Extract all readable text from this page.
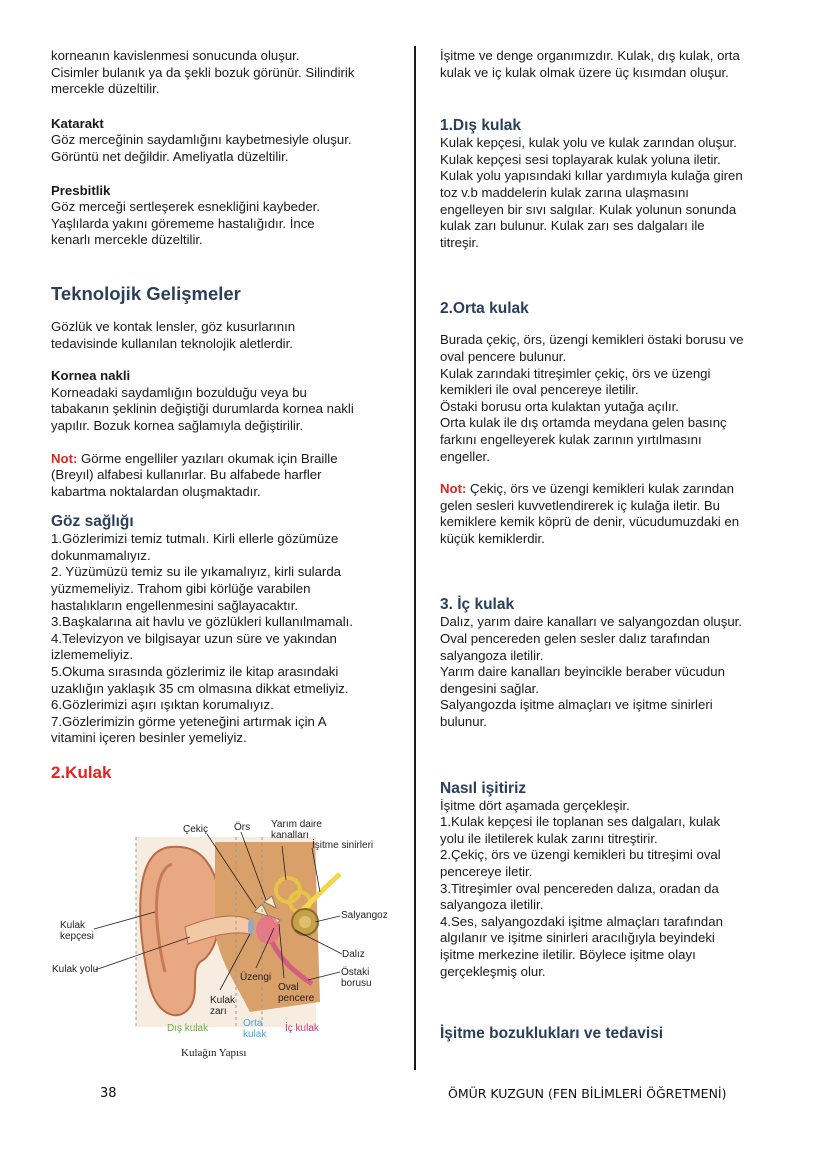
korneanın kavislenmesi sonucunda oluşur.

Cisimler bulanık ya da şekli bozuk görünür. Silindirik

mercekle düzeltilir.

Katarakt

Göz merceğinin saydamlığını kaybetmesiyle oluşur.

Görüntü net değildir. Ameliyatla düzeltilir.

Presbitlik

Göz merceği sertleşerek esnekliğini kaybeder.

Yaşlılarda yakını görememe hastalığıdır. İnce

kenarlı mercekle düzeltilir.

Teknolojik Gelişmeler

Gözlük ve kontak lensler, göz kusurlarının

tedavisinde kullanılan teknolojik aletlerdir.

Kornea nakli

Korneadaki saydamlığın bozulduğu veya bu

tabakanın şeklinin değiştiği durumlarda kornea nakli

yapılır. Bozuk kornea sağlamıyla değiştirilir.

Not: Görme engelliler yazıları okumak için Braille

(Breyıl) alfabesi kullanırlar. Bu alfabede harfler

kabartma noktalardan oluşmaktadır.

Göz sağlığı

1.Gözlerimizi temiz tutmalı. Kirli ellerle gözümüze

dokunmamalıyız.

2. Yüzümüzü temiz su ile yıkamalıyız, kirli sularda

yüzmemeliyiz. Trahom gibi körlüğe varabilen

hastalıkların engellenmesini sağlayacaktır.

3.Başkalarına ait havlu ve gözlükleri kullanılmamalı.

4.Televizyon ve bilgisayar uzun süre ve yakından

izlememeliyiz.

5.Okuma sırasında gözlerimiz ile kitap arasındaki

uzaklığın yaklaşık 35 cm olmasına dikkat etmeliyiz.

6.Gözlerimizi aşırı ışıktan korumalıyız.

7.Gözlerimizin görme yeteneğini artırmak için A

vitamini içeren besinler yemeliyiz.

2.Kulak

Çekiç	Örs Yarım daire kanalları
İşitme sinirleri
Salyangoz
Kulak kepçesi
Kulak yolu
Dalız
Östaki borusu
Üzengi
Oval pencere
Kulak zarı
Dış kulak	Orta kulak
İç kulak
Kulağın Yapısı

İşitme ve denge organımızdır. Kulak, dış kulak, orta

kulak ve iç kulak olmak üzere üç kısımdan oluşur.

1.Dış kulak

Kulak kepçesi, kulak yolu ve kulak zarından oluşur.

Kulak kepçesi sesi toplayarak kulak yoluna iletir.

Kulak yolu yapısındaki kıllar yardımıyla kulağa giren

toz v.b maddelerin kulak zarına ulaşmasını

engelleyen bir sıvı salgılar. Kulak yolunun sonunda

kulak zarı bulunur. Kulak zarı ses dalgaları ile

titreşir.

2.Orta kulak

Burada çekiç, örs, üzengi kemikleri östaki borusu ve

oval pencere bulunur.

Kulak zarındaki titreşimler çekiç, örs ve üzengi

kemikleri ile oval pencereye iletilir.

Östaki borusu orta kulaktan yutağa açılır.

Orta kulak ile dış ortamda meydana gelen basınç

farkını engelleyerek kulak zarının yırtılmasını

engeller.

Not: Çekiç, örs ve üzengi kemikleri kulak zarından

gelen sesleri kuvvetlendirerek iç kulağa iletir. Bu

kemiklere kemik köprü de denir, vücudumuzdaki en

küçük kemiklerdir.

3. İç kulak

Dalız, yarım daire kanalları ve salyangozdan oluşur.

Oval pencereden gelen sesler dalız tarafından

salyangoza iletilir.

Yarım daire kanalları beyincikle beraber vücudun

dengesini sağlar.

Salyangozda işitme almaçları ve işitme sinirleri

bulunur.

Nasıl işitiriz

İşitme dört aşamada gerçekleşir.

1.Kulak kepçesi ile toplanan ses dalgaları, kulak

yolu ile iletilerek kulak zarını titreştirir.

2.Çekiç, örs ve üzengi kemikleri bu titreşimi oval

pencereye iletir.

3.Titreşimler oval pencereden dalıza, oradan da

salyangoza iletilir.

4.Ses, salyangozdaki işitme almaçları tarafından

algılanır ve işitme sinirleri aracılığıyla beyindeki

işitme merkezine iletilir. Böylece işitme olayı

gerçekleşmiş olur.

İşitme bozuklukları ve tedavisi

38	ÖMÜR KUZGUN (FEN BİLİMLERİ ÖĞRETMENİ)
